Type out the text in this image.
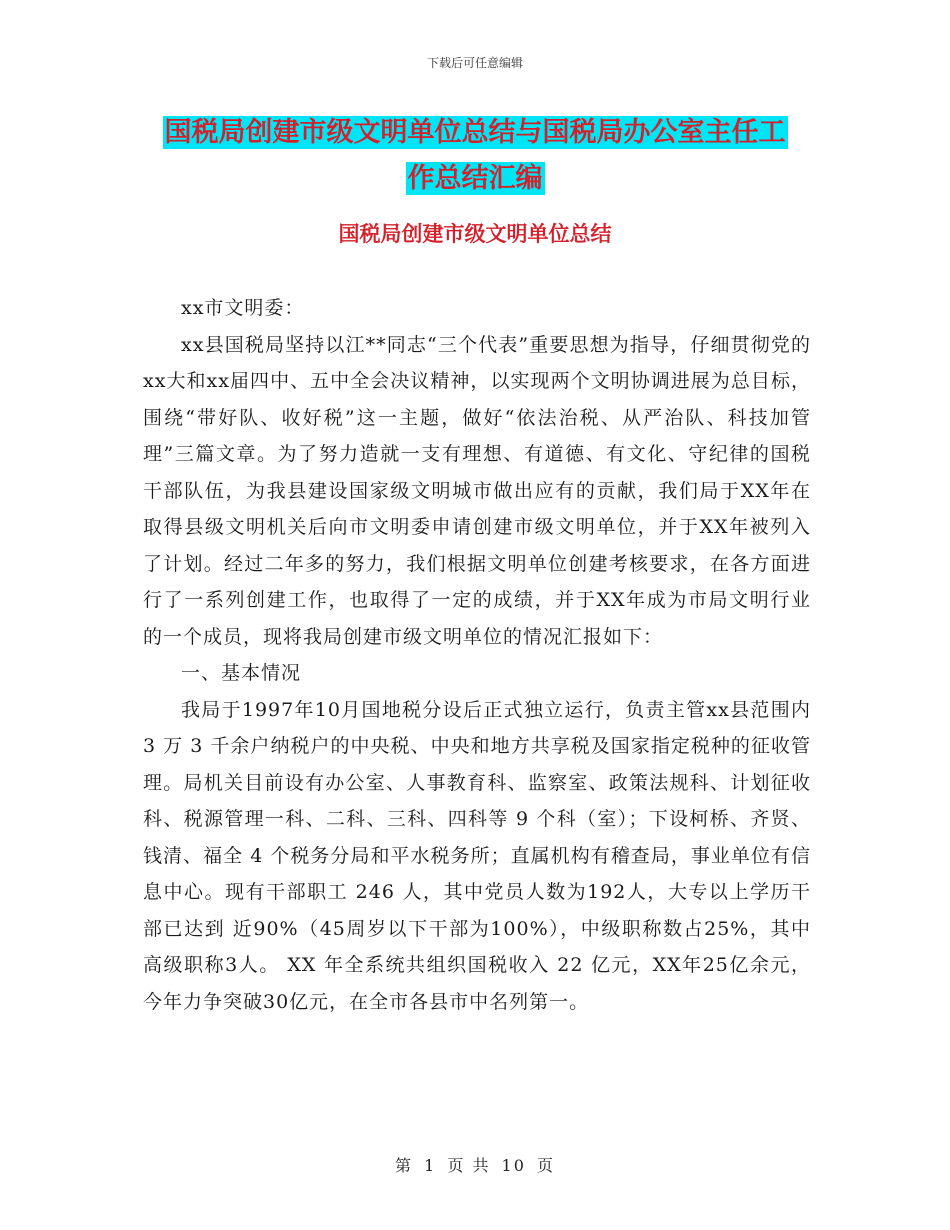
下载后可任意编辑
国税局创建市级文明单位总结与国税局办公室主任工
作总结汇编
国税局创建市级文明单位总结

xx市文明委：

xx县国税局坚持以江**同志“三个代表”重要思想为指导，仔细贯彻党的xx大和xx届四中、五中全会决议精神，以实现两个文明协调进展为总目标，围绕“带好队、收好税”这一主题，做好“依法治税、从严治队、科技加管理”三篇文章。为了努力造就一支有理想、有道德、有文化、守纪律的国税干部队伍，为我县建设国家级文明城市做出应有的贡献，我们局于XX年在取得县级文明机关后向市文明委申请创建市级文明单位，并于XX年被列入了计划。经过二年多的努力，我们根据文明单位创建考核要求，在各方面进行了一系列创建工作，也取得了一定的成绩，并于XX年成为市局文明行业的一个成员，现将我局创建市级文明单位的情况汇报如下：

一、基本情况

我局于1997年10月国地税分设后正式独立运行，负责主管xx县范围内 3 万 3 千余户纳税户的中央税、中央和地方共享税及国家指定税种的征收管理。局机关目前设有办公室、人事教育科、监察室、政策法规科、计划征收科、税源管理一科、二科、三科、四科等 9 个科（室）；下设柯桥、齐贤、钱清、福全 4 个税务分局和平水税务所；直属机构有稽查局，事业单位有信息中心。现有干部职工 246 人，其中党员人数为192人，大专以上学历干部已达到 近90%（45周岁以下干部为100%），中级职称数占25%，其中高级职称3人。 XX 年全系统共组织国税收入 22 亿元，XX年25亿余元，今年力争突破30亿元，在全市各县市中名列第一。

第 1 页 共 10 页
